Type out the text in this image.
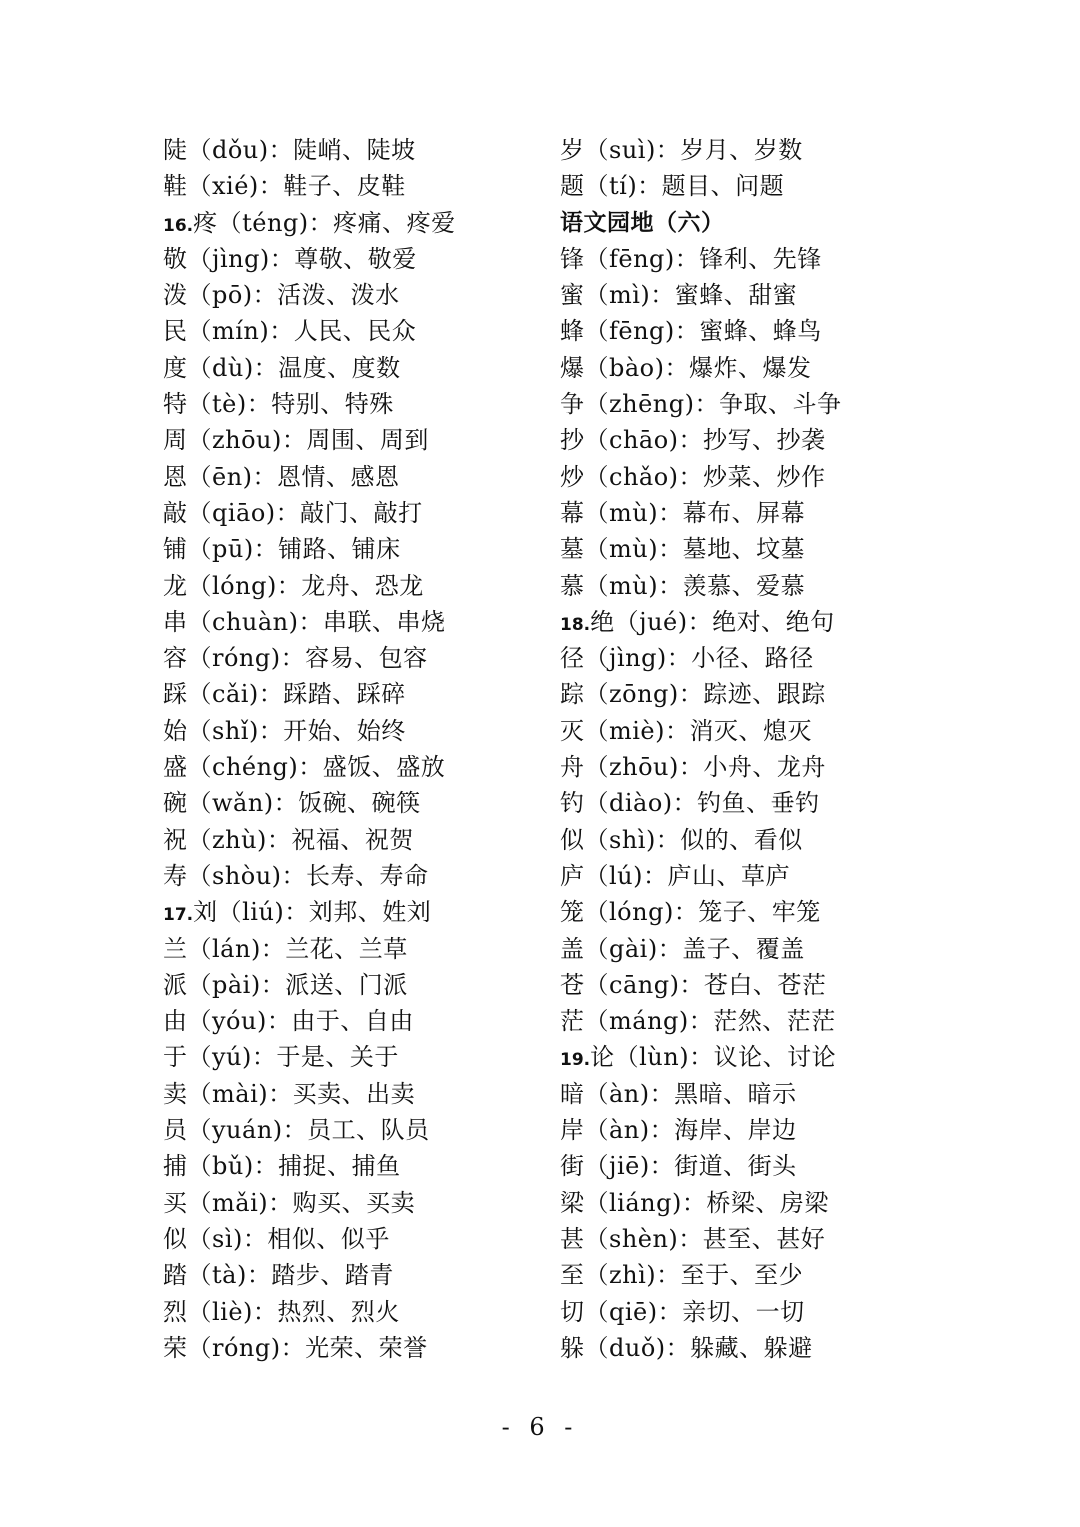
陡（dǒu)：陡峭、陡坡
鞋（xié)：鞋子、皮鞋
16.疼（téng)：疼痛、疼爱
敬（jìng)：尊敬、敬爱
泼（pō)：活泼、泼水
民（mín)：人民、民众
度（dù)：温度、度数
特（tè)：特别、特殊
周（zhōu)：周围、周到
恩（ēn)：恩情、感恩
敲（qiāo)：敲门、敲打
铺（pū)：铺路、铺床
龙（lóng)：龙舟、恐龙
串（chuàn)：串联、串烧
容（róng)：容易、包容
踩（cǎi)：踩踏、踩碎
始（shǐ)：开始、始终
盛（chéng)：盛饭、盛放
碗（wǎn)：饭碗、碗筷
祝（zhù)：祝福、祝贺
寿（shòu)：长寿、寿命
17.刘（liú)：刘邦、姓刘
兰（lán)：兰花、兰草
派（pài)：派送、门派
由（yóu)：由于、自由
于（yú)：于是、关于
卖（mài)：买卖、出卖
员（yuán)：员工、队员
捕（bǔ)：捕捉、捕鱼
买（mǎi)：购买、买卖
似（sì)：相似、似乎
踏（tà)：踏步、踏青
烈（liè)：热烈、烈火
荣（róng)：光荣、荣誉
岁（suì)：岁月、岁数
题（tí)：题目、问题
语文园地（六）
锋（fēng)：锋利、先锋
蜜（mì)：蜜蜂、甜蜜
蜂（fēng)：蜜蜂、蜂鸟
爆（bào)：爆炸、爆发
争（zhēng)：争取、斗争
抄（chāo)：抄写、抄袭
炒（chǎo)：炒菜、炒作
幕（mù)：幕布、屏幕
墓（mù)：墓地、坟墓
慕（mù)：羡慕、爱慕
18.绝（jué)：绝对、绝句
径（jìng)：小径、路径
踪（zōng)：踪迹、跟踪
灭（miè)：消灭、熄灭
舟（zhōu)：小舟、龙舟
钓（diào)：钓鱼、垂钓
似（shì)：似的、看似
庐（lú)：庐山、草庐
笼（lóng)：笼子、牢笼
盖（gài)：盖子、覆盖
苍（cāng)：苍白、苍茫
茫（máng)：茫然、茫茫
19.论（lùn)：议论、讨论
暗（àn)：黑暗、暗示
岸（àn)：海岸、岸边
街（jiē)：街道、街头
梁（liáng)：桥梁、房梁
甚（shèn)：甚至、甚好
至（zhì)：至于、至少
切（qiē)：亲切、一切
躲（duǒ)：躲藏、躲避
- 6 -
